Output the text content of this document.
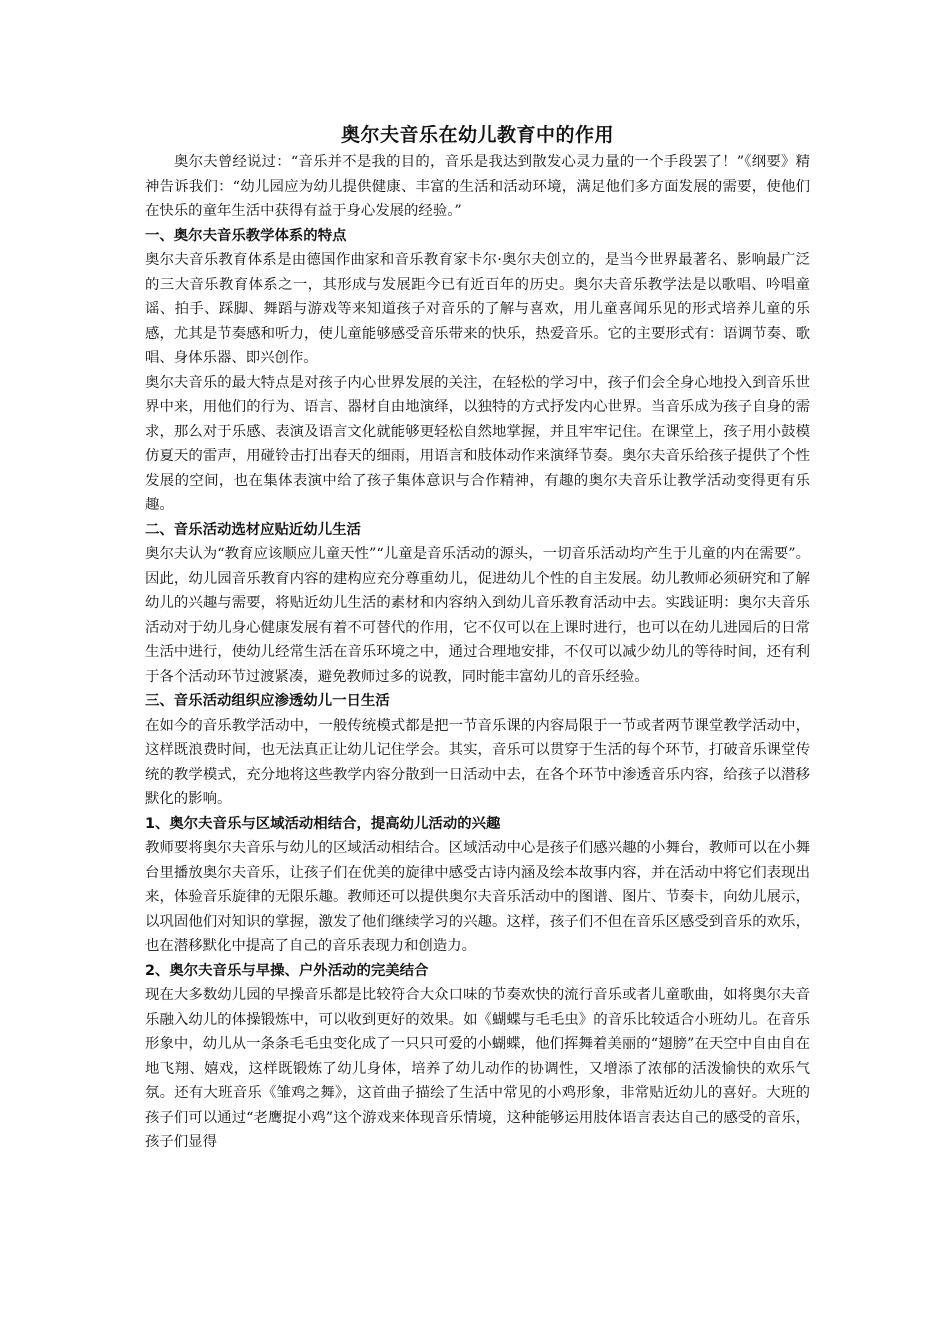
奥尔夫音乐在幼儿教育中的作用

奥尔夫曾经说过：“音乐并不是我的目的，音乐是我达到散发心灵力量的一个手段罢了！”《纲要》精神告诉我们：“幼儿园应为幼儿提供健康、丰富的生活和活动环境，满足他们多方面发展的需要，使他们在快乐的童年生活中获得有益于身心发展的经验。”

一、奥尔夫音乐教学体系的特点

奥尔夫音乐教育体系是由德国作曲家和音乐教育家卡尔·奥尔夫创立的，是当今世界最著名、影响最广泛的三大音乐教育体系之一，其形成与发展距今已有近百年的历史。奥尔夫音乐教学法是以歌唱、吟唱童谣、拍手、踩脚、舞蹈与游戏等来知道孩子对音乐的了解与喜欢，用儿童喜闻乐见的形式培养儿童的乐感，尤其是节奏感和听力，使儿童能够感受音乐带来的快乐，热爱音乐。它的主要形式有：语调节奏、歌唱、身体乐器、即兴创作。

奥尔夫音乐的最大特点是对孩子内心世界发展的关注，在轻松的学习中，孩子们会全身心地投入到音乐世界中来，用他们的行为、语言、器材自由地演绎，以独特的方式抒发内心世界。当音乐成为孩子自身的需求，那么对于乐感、表演及语言文化就能够更轻松自然地掌握，并且牢牢记住。在课堂上，孩子用小鼓模仿夏天的雷声，用碰铃击打出春天的细雨，用语言和肢体动作来演绎节奏。奥尔夫音乐给孩子提供了个性发展的空间，也在集体表演中给了孩子集体意识与合作精神，有趣的奥尔夫音乐让教学活动变得更有乐趣。

二、音乐活动选材应贴近幼儿生活

奥尔夫认为“教育应该顺应儿童天性”“儿童是音乐活动的源头，一切音乐活动均产生于儿童的内在需要”。因此，幼儿园音乐教育内容的建构应充分尊重幼儿，促进幼儿个性的自主发展。幼儿教师必须研究和了解幼儿的兴趣与需要，将贴近幼儿生活的素材和内容纳入到幼儿音乐教育活动中去。实践证明：奥尔夫音乐活动对于幼儿身心健康发展有着不可替代的作用，它不仅可以在上课时进行，也可以在幼儿进园后的日常生活中进行，使幼儿经常生活在音乐环境之中，通过合理地安排，不仅可以减少幼儿的等待时间，还有利于各个活动环节过渡紧凑，避免教师过多的说教，同时能丰富幼儿的音乐经验。

三、音乐活动组织应渗透幼儿一日生活

在如今的音乐教学活动中，一般传统模式都是把一节音乐课的内容局限于一节或者两节课堂教学活动中，这样既浪费时间，也无法真正让幼儿记住学会。其实，音乐可以贯穿于生活的每个环节，打破音乐课堂传统的教学模式，充分地将这些教学内容分散到一日活动中去，在各个环节中渗透音乐内容，给孩子以潜移默化的影响。

1、奥尔夫音乐与区域活动相结合，提高幼儿活动的兴趣

教师要将奥尔夫音乐与幼儿的区域活动相结合。区域活动中心是孩子们感兴趣的小舞台，教师可以在小舞台里播放奥尔夫音乐，让孩子们在优美的旋律中感受古诗内涵及绘本故事内容，并在活动中将它们表现出来，体验音乐旋律的无限乐趣。教师还可以提供奥尔夫音乐活动中的图谱、图片、节奏卡，向幼儿展示，以巩固他们对知识的掌握，激发了他们继续学习的兴趣。这样，孩子们不但在音乐区感受到音乐的欢乐，也在潜移默化中提高了自己的音乐表现力和创造力。

2、奥尔夫音乐与早操、户外活动的完美结合

现在大多数幼儿园的早操音乐都是比较符合大众口味的节奏欢快的流行音乐或者儿童歌曲，如将奥尔夫音乐融入幼儿的体操锻炼中，可以收到更好的效果。如《蝴蝶与毛毛虫》的音乐比较适合小班幼儿。在音乐形象中，幼儿从一条条毛毛虫变化成了一只只可爱的小蝴蝶，他们挥舞着美丽的“翅膀”在天空中自由自在地飞翔、嬉戏，这样既锻炼了幼儿身体，培养了幼儿动作的协调性，又增添了浓郁的活泼愉快的欢乐气氛。还有大班音乐《雏鸡之舞》，这首曲子描绘了生活中常见的小鸡形象，非常贴近幼儿的喜好。大班的孩子们可以通过“老鹰捉小鸡”这个游戏来体现音乐情境，这种能够运用肢体语言表达自己的感受的音乐，孩子们显得
